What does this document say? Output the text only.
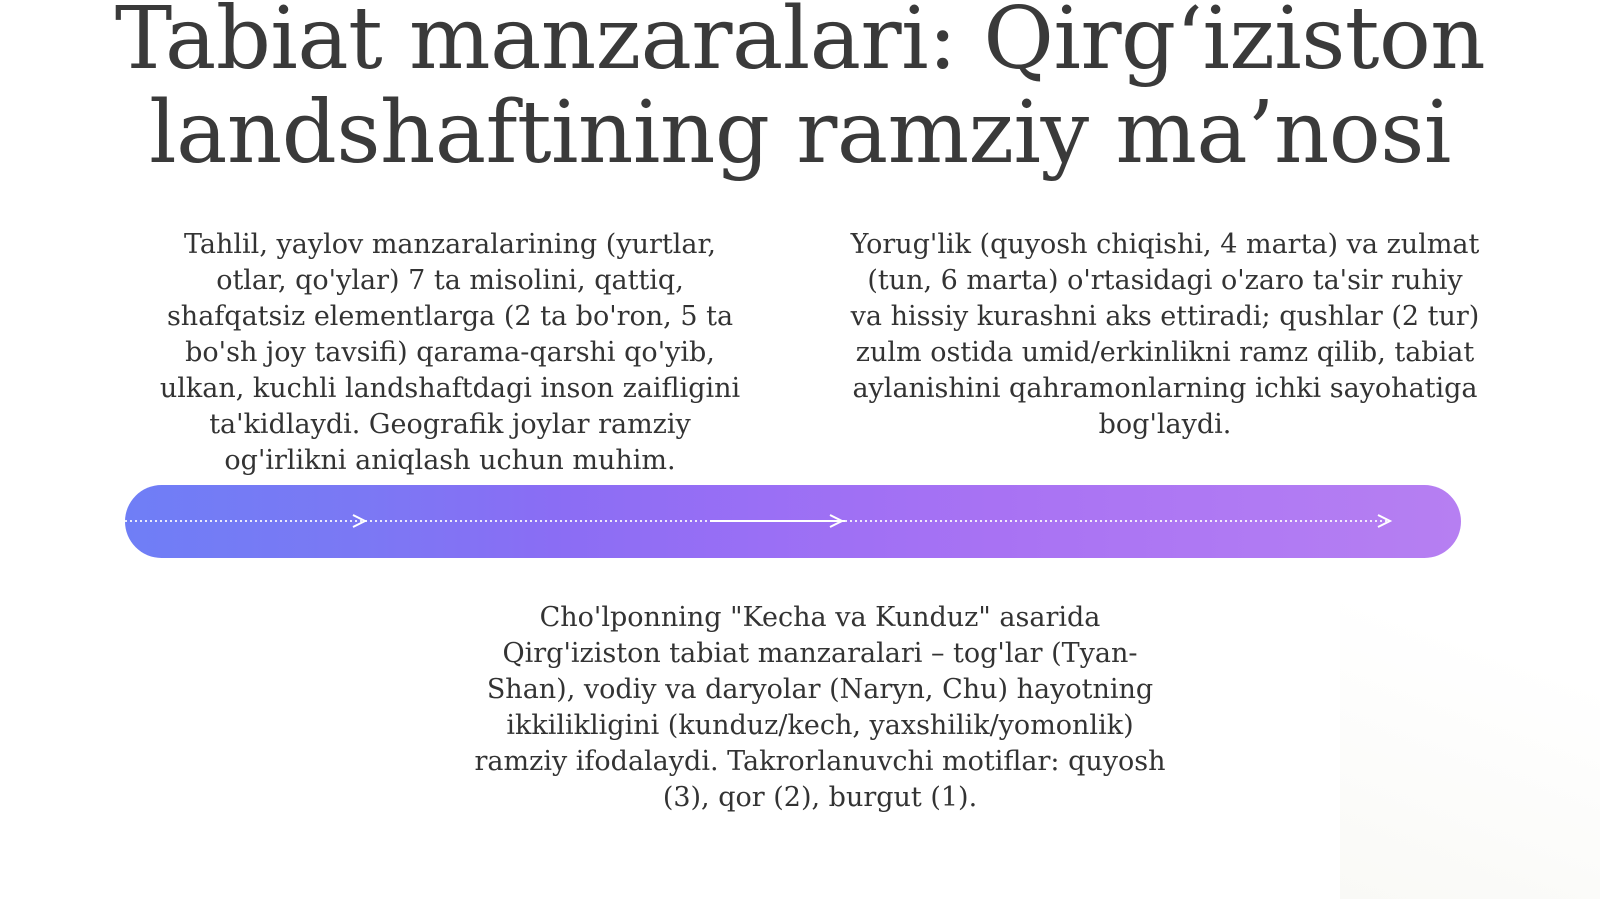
Tabiat manzaralari: Qirg‘iziston
landshaftining ramziy ma’nosi

Tahlil, yaylov manzaralarining (yurtlar, otlar, qo'ylar) 7 ta misolini, qattiq, shafqatsiz elementlarga (2 ta bo'ron, 5 ta bo'sh joy tavsifi) qarama-qarshi qo'yib, ulkan, kuchli landshaftdagi inson zaifligini ta'kidlaydi. Geografik joylar ramziy og'irlikni aniqlash uchun muhim.

Yorug'lik (quyosh chiqishi, 4 marta) va zulmat (tun, 6 marta) o'rtasidagi o'zaro ta'sir ruhiy va hissiy kurashni aks ettiradi; qushlar (2 tur) zulm ostida umid/erkinlikni ramz qilib, tabiat aylanishini qahramonlarning ichki sayohatiga bog'laydi.

Cho'lponning "Kecha va Kunduz" asarida Qirg'iziston tabiat manzaralari – tog'lar (Tyan-Shan), vodiy va daryolar (Naryn, Chu) hayotning ikkilikligini (kunduz/kech, yaxshilik/yomonlik) ramziy ifodalaydi. Takrorlanuvchi motiflar: quyosh (3), qor (2), burgut (1).
